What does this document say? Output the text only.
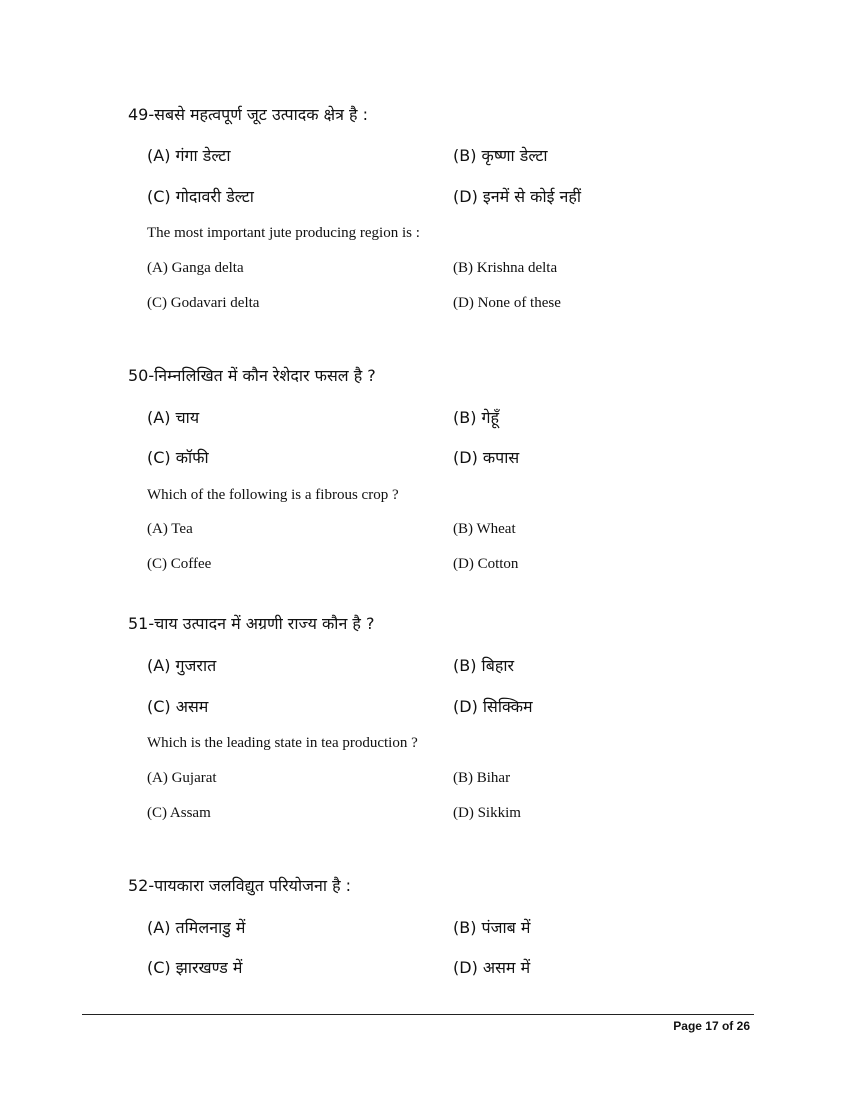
49-सबसे महत्वपूर्ण जूट उत्पादक क्षेत्र है :
(A) गंगा डेल्टा	(B) कृष्णा डेल्टा
(C) गोदावरी डेल्टा	(D) इनमें से कोई नहीं
The most important jute producing region is :
(A) Ganga delta	(B) Krishna delta
(C) Godavari delta	(D) None of these
50-निम्नलिखित में कौन रेशेदार फसल है ?
(A) चाय	(B) गेहूँ
(C) कॉफी	(D) कपास
Which of the following is a fibrous crop ?
(A) Tea	(B) Wheat
(C) Coffee	(D) Cotton
51-चाय उत्पादन में अग्रणी राज्य कौन है ?
(A) गुजरात	(B) बिहार
(C) असम	(D) सिक्किम
Which is the leading state in tea production ?
(A) Gujarat	(B) Bihar
(C) Assam	(D) Sikkim
52-पायकारा जलविद्युत परियोजना है :
(A) तमिलनाडु में	(B) पंजाब में
(C) झारखण्ड में	(D) असम में
Page 17 of 26
